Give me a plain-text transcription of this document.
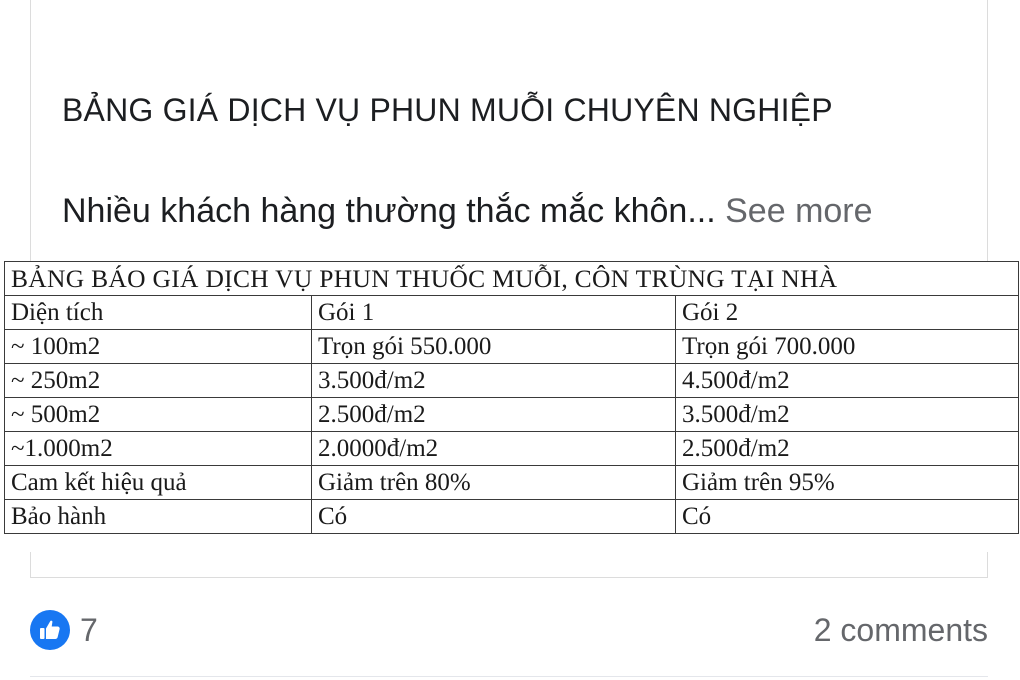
BẢNG GIÁ DỊCH VỤ PHUN MUỖI CHUYÊN NGHIỆP
Nhiều khách hàng thường thắc mắc khôn... See more
BẢNG BÁO GIÁ DỊCH VỤ PHUN THUỐC MUỖI, CÔN TRÙNG TẠI NHÀ		
Diện tích	Gói 1	Gói 2
~ 100m2	Trọn gói 550.000	Trọn gói 700.000
~ 250m2	3.500đ/m2	4.500đ/m2
~ 500m2	2.500đ/m2	3.500đ/m2
~1.000m2	2.0000đ/m2	2.500đ/m2
Cam kết hiệu quả	Giảm trên 80%	Giảm trên 95%
Bảo hành	Có	Có
7	2 comments
